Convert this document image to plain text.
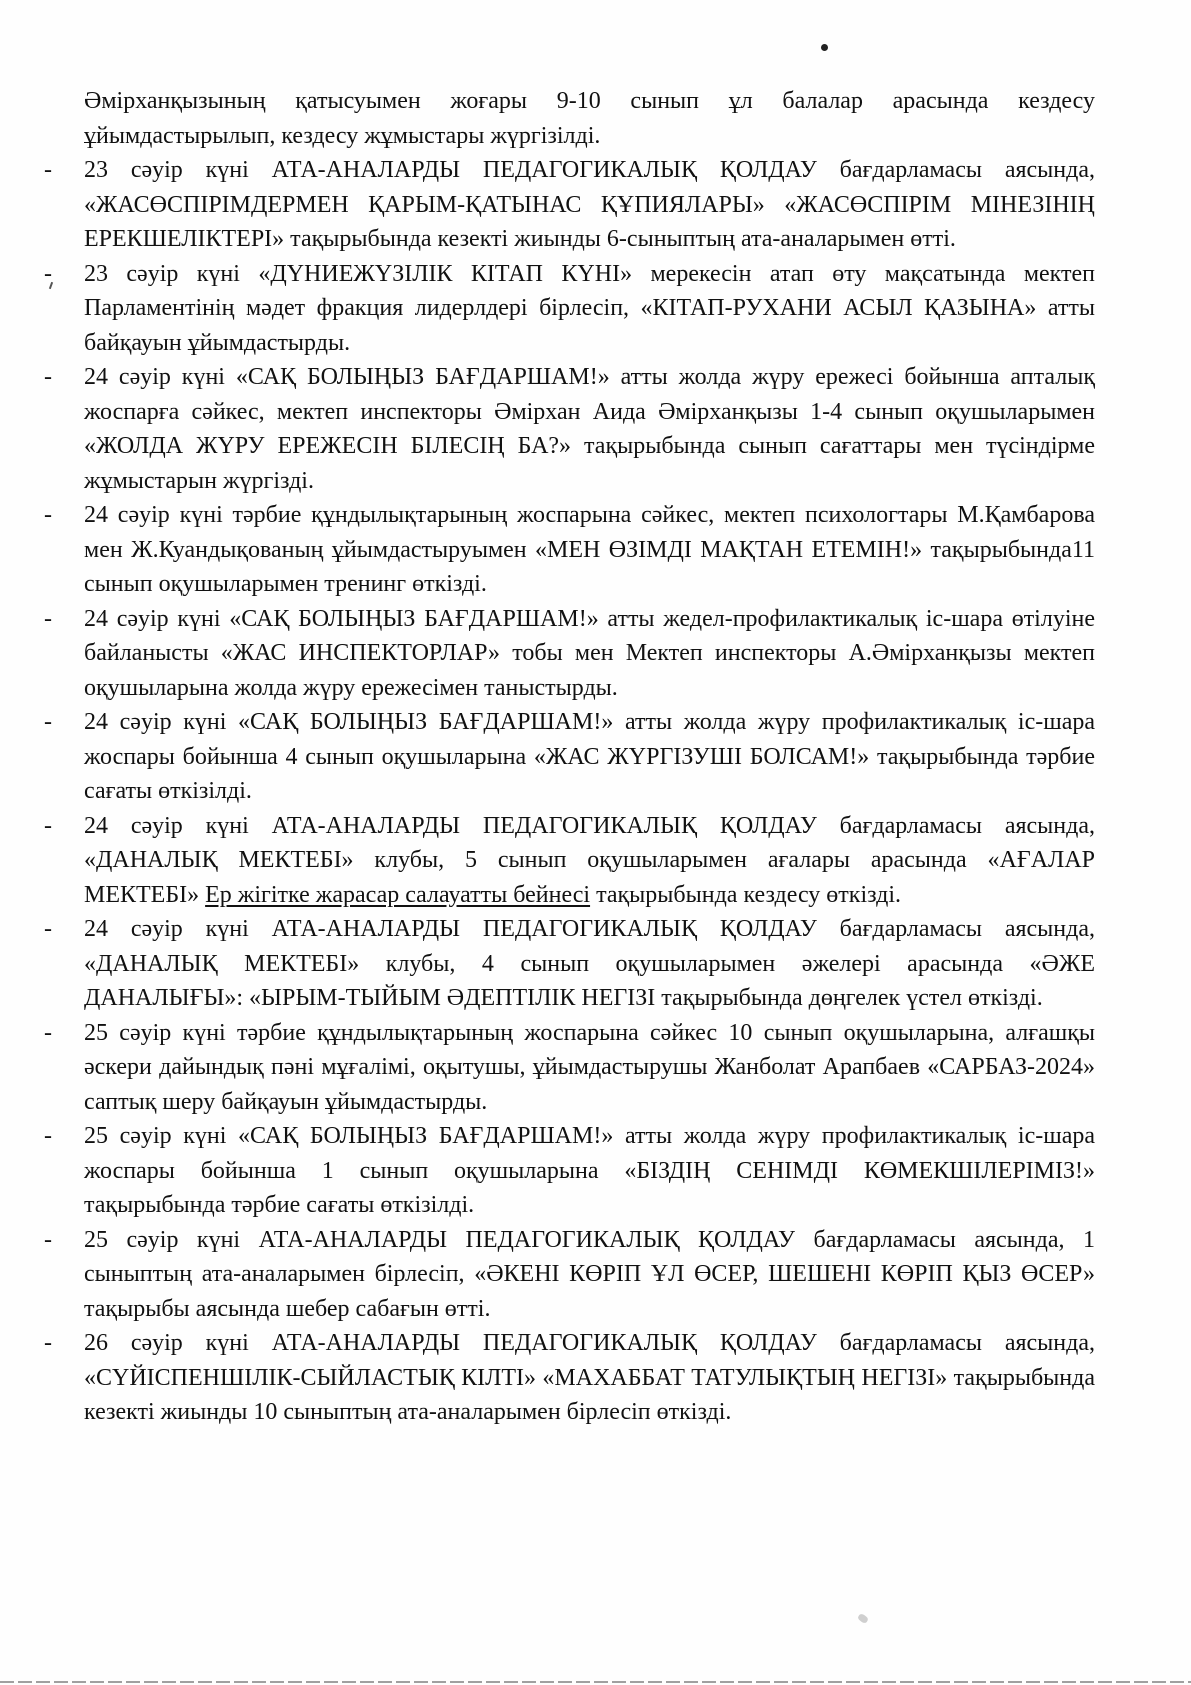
Әмірханқызының қатысуымен жоғары 9-10 сынып ұл балалар арасында кездесу ұйымдастырылып, кездесу жұмыстары жүргізілді.

- 23 сәуір күні АТА-АНАЛАРДЫ ПЕДАГОГИКАЛЫҚ ҚОЛДАУ бағдарламасы аясында, «ЖАСӨСПІРІМДЕРМЕН ҚАРЫМ-ҚАТЫНАС ҚҰПИЯЛАРЫ» «ЖАСӨСПІРІМ МІНЕЗІНІҢ ЕРЕКШЕЛІКТЕРІ» тақырыбында кезекті жиынды 6-сыныптың ата-аналарымен өтті.
- 23 сәуір күні «ДҮНИЕЖҮЗІЛІК КІТАП КҮНІ» мерекесін атап өту мақсатында мектеп Парламентінің мәдет фракция лидерлдері бірлесіп, «КІТАП-РУХАНИ АСЫЛ ҚАЗЫНА» атты байқауын ұйымдастырды.
- 24 сәуір күні «САҚ БОЛЫҢЫЗ БАҒДАРШАМ!» атты жолда жүру ережесі бойынша апталық жоспарға сәйкес, мектеп инспекторы Әмірхан Аида Әмірханқызы 1-4 сынып оқушыларымен «ЖОЛДА ЖҮРУ ЕРЕЖЕСІН БІЛЕСІҢ БА?» тақырыбында сынып сағаттары мен түсіндірме жұмыстарын жүргізді.
- 24 сәуір күні тәрбие құндылықтарының жоспарына сәйкес, мектеп психологтары М.Қамбарова мен Ж.Куандықованың ұйымдастыруымен «МЕН ӨЗІМДІ МАҚТАН ЕТЕМІН!» тақырыбында11 сынып оқушыларымен тренинг өткізді.
- 24 сәуір күні «САҚ БОЛЫҢЫЗ БАҒДАРШАМ!» атты жедел-профилактикалық іс-шара өтілуіне байланысты «ЖАС ИНСПЕКТОРЛАР» тобы мен Мектеп инспекторы А.Әмірханқызы мектеп оқушыларына жолда жүру ережесімен таныстырды.
- 24 сәуір күні «САҚ БОЛЫҢЫЗ БАҒДАРШАМ!» атты жолда жүру профилактикалық іс-шара жоспары бойынша 4 сынып оқушыларына «ЖАС ЖҮРГІЗУШІ БОЛСАМ!» тақырыбында тәрбие сағаты өткізілді.
- 24 сәуір күні АТА-АНАЛАРДЫ ПЕДАГОГИКАЛЫҚ ҚОЛДАУ бағдарламасы аясында, «ДАНАЛЫҚ МЕКТЕБІ» клубы, 5 сынып оқушыларымен ағалары арасында «АҒАЛАР МЕКТЕБІ» Ер жігітке жарасар салауатты бейнесі тақырыбында кездесу өткізді.
- 24 сәуір күні АТА-АНАЛАРДЫ ПЕДАГОГИКАЛЫҚ ҚОЛДАУ бағдарламасы аясында, «ДАНАЛЫҚ МЕКТЕБІ» клубы, 4 сынып оқушыларымен әжелері арасында «ӘЖЕ ДАНАЛЫҒЫ»: «ЫРЫМ-ТЫЙЫМ ӘДЕПТІЛІК НЕГІЗІ тақырыбында дөңгелек үстел өткізді.
- 25 сәуір күні тәрбие құндылықтарының жоспарына сәйкес 10 сынып оқушыларына, алғашқы әскери дайындық пәні мұғалімі, оқытушы, ұйымдастырушы Жанболат Арапбаев «САРБАЗ-2024» саптық шеру байқауын ұйымдастырды.
- 25 сәуір күні «САҚ БОЛЫҢЫЗ БАҒДАРШАМ!» атты жолда жүру профилактикалық іс-шара жоспары бойынша 1 сынып оқушыларына «БІЗДІҢ СЕНІМДІ КӨМЕКШІЛЕРІМІЗ!» тақырыбында тәрбие сағаты өткізілді.
- 25 сәуір күні АТА-АНАЛАРДЫ ПЕДАГОГИКАЛЫҚ ҚОЛДАУ бағдарламасы аясында, 1 сыныптың ата-аналарымен бірлесіп, «ӘКЕНІ КӨРІП ҰЛ ӨСЕР, ШЕШЕНІ КӨРІП ҚЫЗ ӨСЕР» тақырыбы аясында шебер сабағын өтті.
- 26 сәуір күні АТА-АНАЛАРДЫ ПЕДАГОГИКАЛЫҚ ҚОЛДАУ бағдарламасы аясында, «СҮЙІСПЕНШІЛІК-СЫЙЛАСТЫҚ КІЛТІ» «МАХАББАТ ТАТУЛЫҚТЫҢ НЕГІЗІ» тақырыбында кезекті жиынды 10 сыныптың ата-аналарымен бірлесіп өткізді.
